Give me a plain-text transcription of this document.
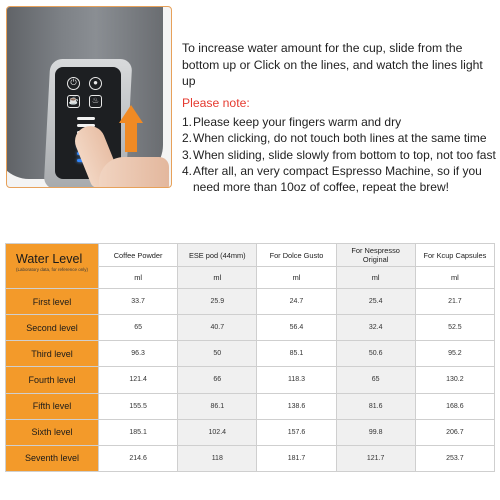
⏻	●
☕	♨

To increase water amount for the cup, slide from the bottom up or Click on the lines, and watch the lines light up

Please note:

1. Please keep your fingers warm and dry
2. When clicking, do not touch both lines at the same time
3. When sliding, slide slowly from bottom to top, not too fast
4. After all, an very compact Espresso Machine, so if you need more than 10oz of coffee, repeat the brew!
Water Level
(Laboratory data, for reference only)	Coffee Powder	ESE pod (44mm)	For Dolce Gusto	For Nespresso Original	For Kcup Capsules
	ml	ml	ml	ml	ml
First level	33.7	25.9	24.7	25.4	21.7
Second level	65	40.7	56.4	32.4	52.5
Third level	96.3	50	85.1	50.6	95.2
Fourth level	121.4	66	118.3	65	130.2
Fifth level	155.5	86.1	138.6	81.6	168.6
Sixth level	185.1	102.4	157.6	99.8	206.7
Seventh level	214.6	118	181.7	121.7	253.7
